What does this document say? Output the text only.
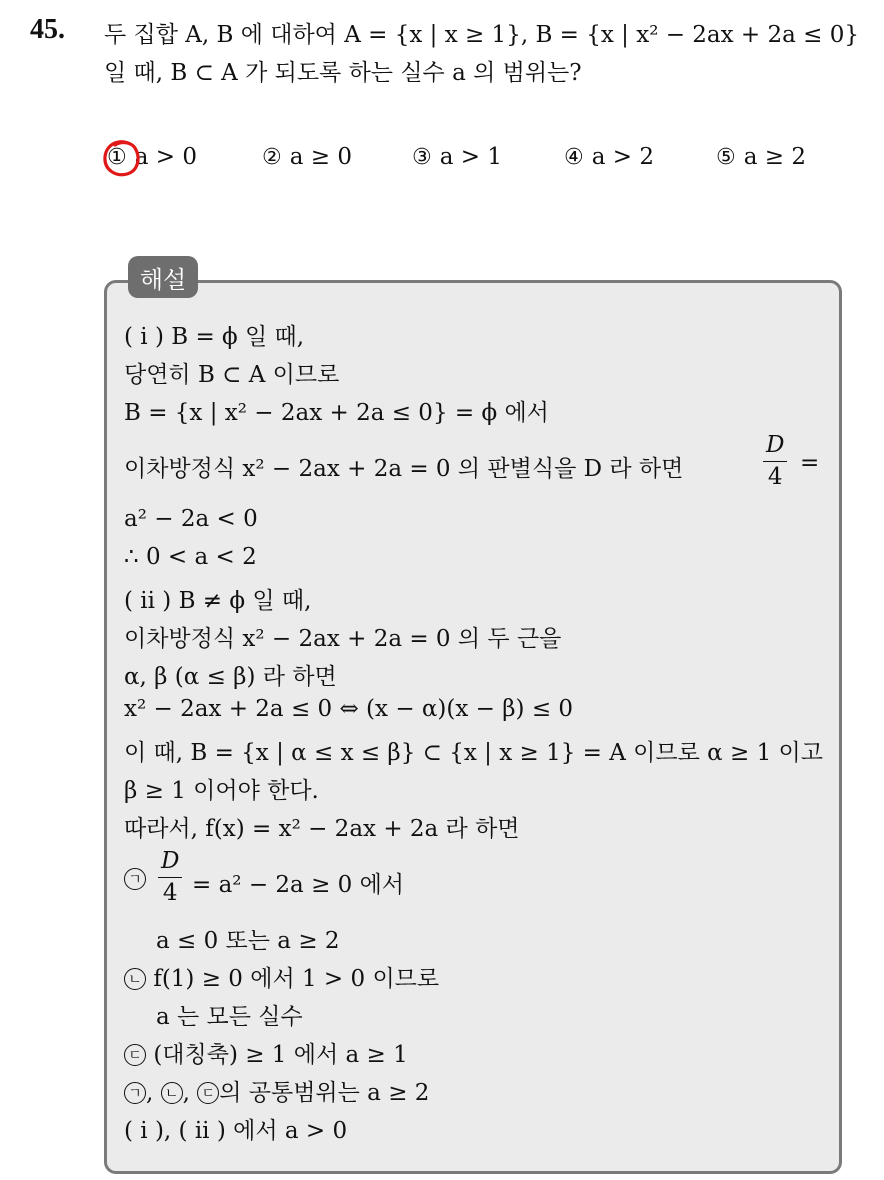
45. 두 집합 A, B 에 대하여 A = {x | x ≥ 1}, B = {x | x² − 2ax + 2a ≤ 0}
일 때, B ⊂ A 가 되도록 하는 실수 a 의 범위는?
① a > 0	② a ≥ 0	③ a > 1	④ a > 2	⑤ a ≥ 2
해설
( i ) B = ϕ 일 때,
당연히 B ⊂ A 이므로
B = {x | x² − 2ax + 2a ≤ 0} = ϕ 에서
이차방정식 x² − 2ax + 2a = 0 의 판별식을 D 라 하면
D
4
=
a² − 2a < 0
∴ 0 < a < 2
( ii ) B ≠ ϕ 일 때,
이차방정식 x² − 2ax + 2a = 0 의 두 근을
α, β (α ≤ β) 라 하면
x² − 2ax + 2a ≤ 0 ⇔ (x − α)(x − β) ≤ 0
이 때, B = {x | α ≤ x ≤ β} ⊂ {x | x ≥ 1} = A 이므로 α ≥ 1 이고
β ≥ 1 이어야 한다.
따라서, f(x) = x² − 2ax + 2a 라 하면
ㄱ
D
4 = a² − 2a ≥ 0 에서
a ≤ 0 또는 a ≥ 2
ㄴ f(1) ≥ 0 에서 1 > 0 이므로
a 는 모든 실수
ㄷ (대칭축) ≥ 1 에서 a ≥ 1
ㄱ , ㄴ , ㄷ 의 공통범위는 a ≥ 2
( i ), ( ii ) 에서 a > 0
